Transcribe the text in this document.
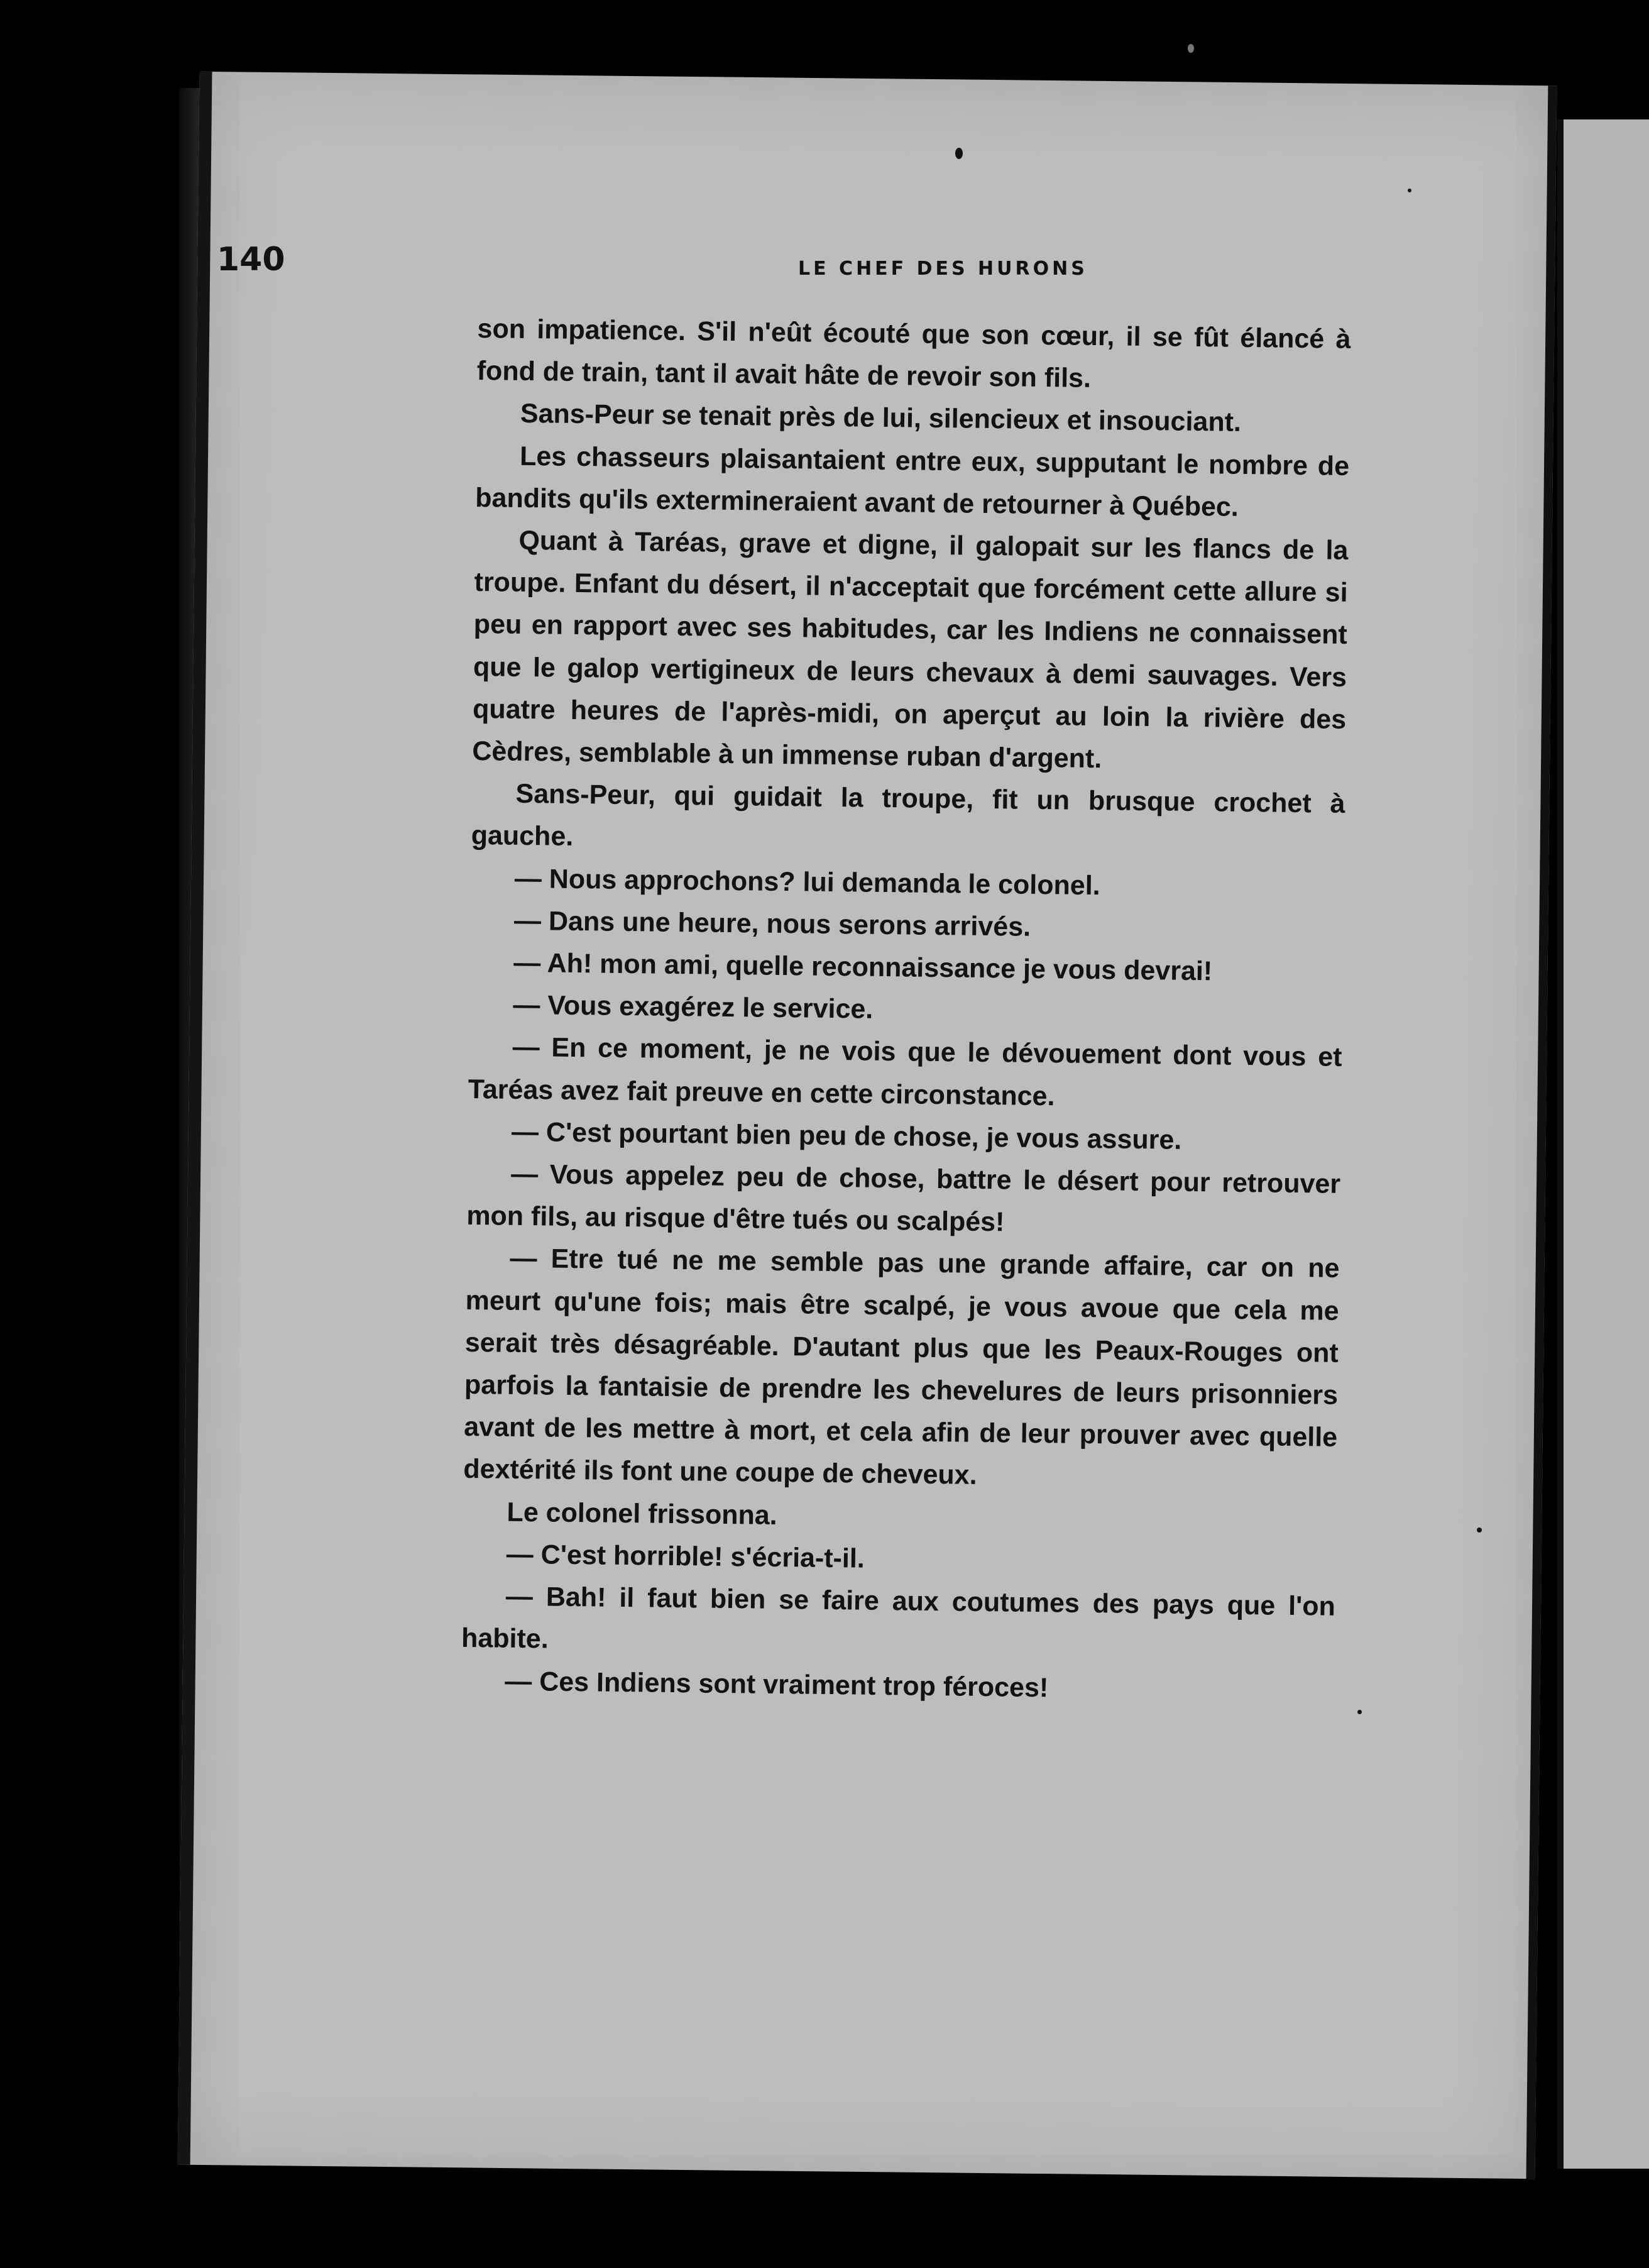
140	LE CHEF DES HURONS

son impatience. S'il n'eût écouté que son cœur, il se fût élancé à fond de train, tant il avait hâte de revoir son fils.

Sans-Peur se tenait près de lui, silencieux et insouciant.

Les chasseurs plaisantaient entre eux, supputant le nombre de bandits qu'ils extermineraient avant de retourner à Québec.

Quant à Taréas, grave et digne, il galopait sur les flancs de la troupe. Enfant du désert, il n'acceptait que forcément cette allure si peu en rapport avec ses habitudes, car les Indiens ne connaissent que le galop vertigineux de leurs chevaux à demi sauvages. Vers quatre heures de l'après-midi, on aperçut au loin la rivière des Cèdres, semblable à un immense ruban d'argent.

Sans-Peur, qui guidait la troupe, fit un brusque crochet à gauche.

— Nous approchons? lui demanda le colonel.

— Dans une heure, nous serons arrivés.

— Ah! mon ami, quelle reconnaissance je vous devrai!

— Vous exagérez le service.

— En ce moment, je ne vois que le dévouement dont vous et Taréas avez fait preuve en cette circonstance.

— C'est pourtant bien peu de chose, je vous assure.

— Vous appelez peu de chose, battre le désert pour retrouver mon fils, au risque d'être tués ou scalpés!

— Etre tué ne me semble pas une grande affaire, car on ne meurt qu'une fois; mais être scalpé, je vous avoue que cela me serait très désagréable. D'autant plus que les Peaux-Rouges ont parfois la fantaisie de prendre les chevelures de leurs prisonniers avant de les mettre à mort, et cela afin de leur prouver avec quelle dextérité ils font une coupe de cheveux.

Le colonel frissonna.

— C'est horrible! s'écria-t-il.

— Bah! il faut bien se faire aux coutumes des pays que l'on habite.

— Ces Indiens sont vraiment trop féroces!
